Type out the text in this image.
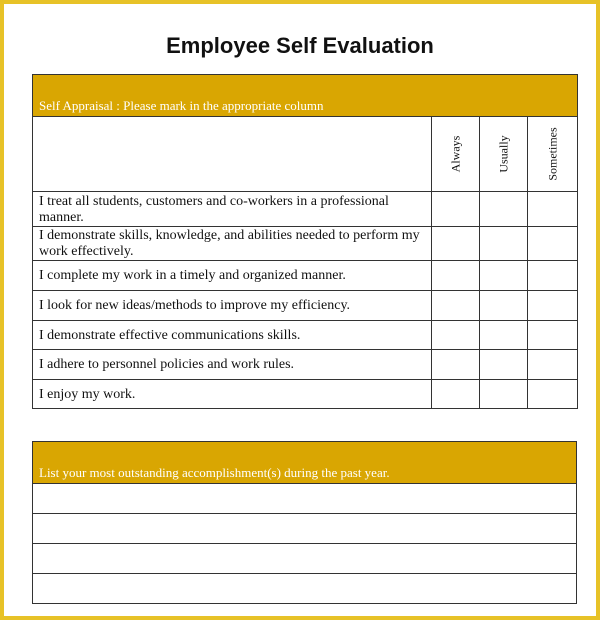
Employee Self Evaluation
Self Appraisal : Please mark in the appropriate column			

	Always	Usually	Sometimes

I treat all students, customers and co-workers in a professional manner.			
I demonstrate skills, knowledge, and abilities needed to perform my work effectively.			
I complete my work in a timely and organized manner.			
I look for new ideas/methods to improve my efficiency.			
I demonstrate effective communications skills.			
I adhere to personnel policies and work rules.			
I enjoy my work.			
List your most outstanding accomplishment(s) during the past year.
